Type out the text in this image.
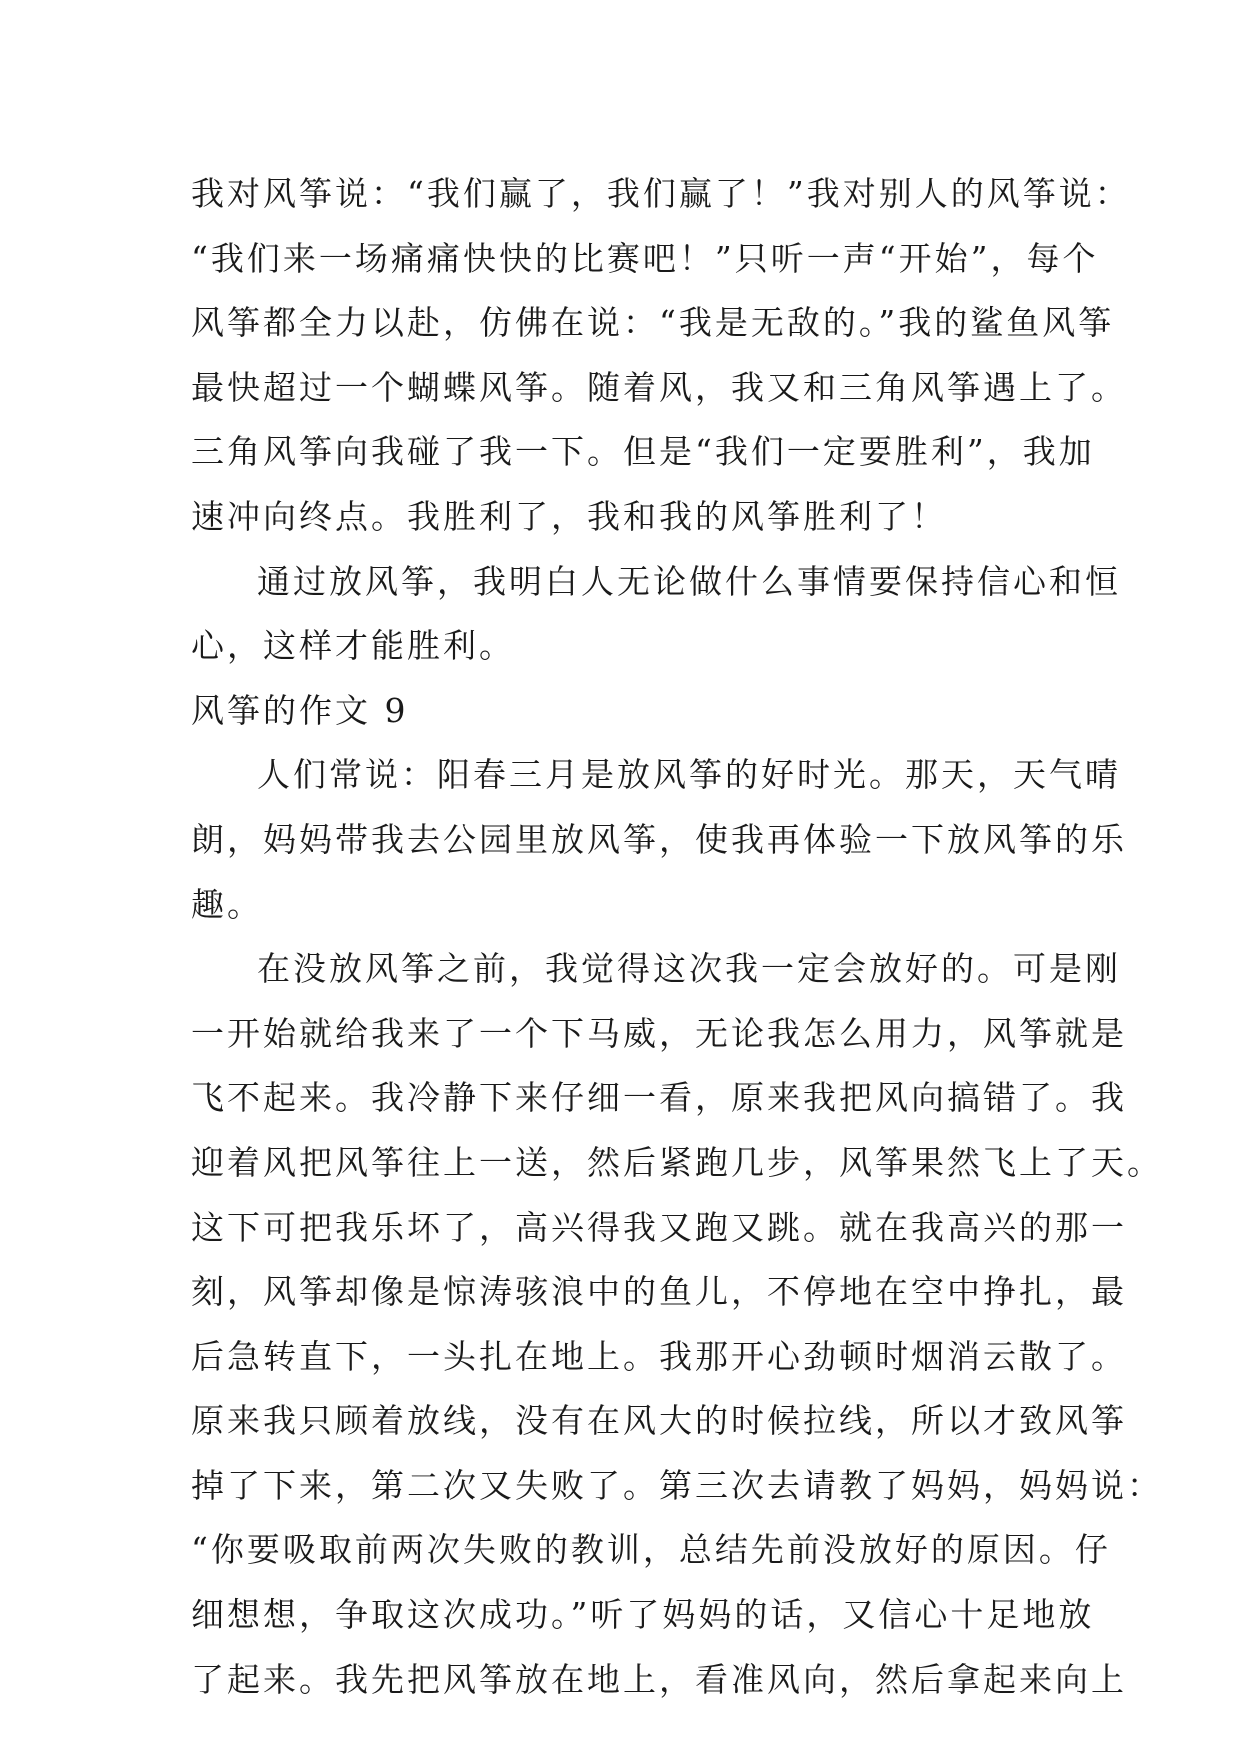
我对风筝说：“我们赢了，我们赢了！”我对别人的风筝说：
“我们来一场痛痛快快的比赛吧！”只听一声“开始”，每个
风筝都全力以赴，仿佛在说：“我是无敌的。”我的鲨鱼风筝
最快超过一个蝴蝶风筝。随着风，我又和三角风筝遇上了。
三角风筝向我碰了我一下。但是“我们一定要胜利”，我加
速冲向终点。我胜利了，我和我的风筝胜利了！
通过放风筝，我明白人无论做什么事情要保持信心和恒
心，这样才能胜利。
风筝的作文 9
人们常说：阳春三月是放风筝的好时光。那天，天气晴
朗，妈妈带我去公园里放风筝，使我再体验一下放风筝的乐
趣。
在没放风筝之前，我觉得这次我一定会放好的。可是刚
一开始就给我来了一个下马威，无论我怎么用力，风筝就是
飞不起来。我冷静下来仔细一看，原来我把风向搞错了。我
迎着风把风筝往上一送，然后紧跑几步，风筝果然飞上了天。
这下可把我乐坏了，高兴得我又跑又跳。就在我高兴的那一
刻，风筝却像是惊涛骇浪中的鱼儿，不停地在空中挣扎，最
后急转直下，一头扎在地上。我那开心劲顿时烟消云散了。
原来我只顾着放线，没有在风大的时候拉线，所以才致风筝
掉了下来，第二次又失败了。第三次去请教了妈妈，妈妈说：
“你要吸取前两次失败的教训，总结先前没放好的原因。仔
细想想，争取这次成功。”听了妈妈的话，又信心十足地放
了起来。我先把风筝放在地上，看准风向，然后拿起来向上
